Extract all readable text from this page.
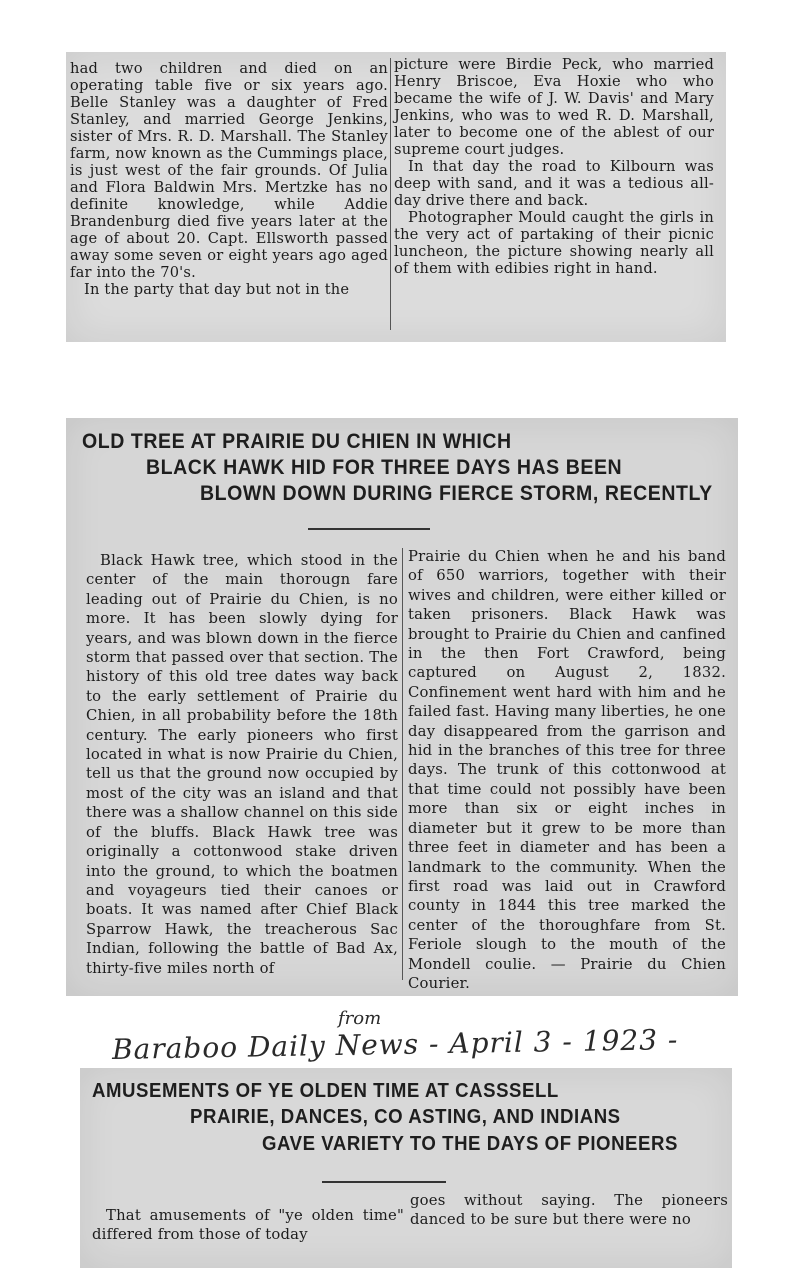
had two children and died on an operating table five or six years ago. Belle Stanley was a daughter of Fred Stanley, and married George Jenkins, sister of Mrs. R. D. Marshall. The Stanley farm, now known as the Cummings place, is just west of the fair grounds. Of Julia and Flora Baldwin Mrs. Mertzke has no definite knowledge, while Addie Brandenburg died five years later at the age of about 20. Capt. Ellsworth passed away some seven or eight years ago aged far into the 70's.

In the party that day but not in the

picture were Birdie Peck, who married Henry Briscoe, Eva Hoxie who who became the wife of J. W. Davis' and Mary Jenkins, who was to wed R. D. Marshall, later to become one of the ablest of our supreme court judges.

In that day the road to Kilbourn was deep with sand, and it was a tedious all-day drive there and back.

Photographer Mould caught the girls in the very act of partaking of their picnic luncheon, the picture showing nearly all of them with edibies right in hand.

OLD TREE AT PRAIRIE DU CHIEN IN WHICH
BLACK HAWK HID FOR THREE DAYS HAS BEEN
BLOWN DOWN DURING FIERCE STORM, RECENTLY

Black Hawk tree, which stood in the center of the main thorougn fare leading out of Prairie du Chien, is no more. It has been slowly dying for years, and was blown down in the fierce storm that passed over that section. The history of this old tree dates way back to the early settlement of Prairie du Chien, in all probability before the 18th century. The early pioneers who first located in what is now Prairie du Chien, tell us that the ground now occupied by most of the city was an island and that there was a shallow channel on this side of the bluffs. Black Hawk tree was originally a cottonwood stake driven into the ground, to which the boatmen and voyageurs tied their canoes or boats. It was named after Chief Black Sparrow Hawk, the treacherous Sac Indian, following the battle of Bad Ax, thirty-five miles north of

Prairie du Chien when he and his band of 650 warriors, together with their wives and children, were either killed or taken prisoners. Black Hawk was brought to Prairie du Chien and canfined in the then Fort Crawford, being captured on August 2, 1832. Confinement went hard with him and he failed fast. Having many liberties, he one day disappeared from the garrison and hid in the branches of this tree for three days. The trunk of this cottonwood at that time could not possibly have been more than six or eight inches in diameter but it grew to be more than three feet in diameter and has been a landmark to the community. When the first road was laid out in Crawford county in 1844 this tree marked the center of the thoroughfare from St. Feriole slough to the mouth of the Mondell coulie. — Prairie du Chien Courier.

from
Baraboo Daily News - April 3 - 1923 -
AMUSEMENTS OF YE OLDEN TIME AT CASSSELL
PRAIRIE, DANCES, CO ASTING, AND INDIANS
GAVE VARIETY TO THE DAYS OF PIONEERS

That amusements of "ye olden time" differed from those of today

goes without saying. The pioneers danced to be sure but there were no
